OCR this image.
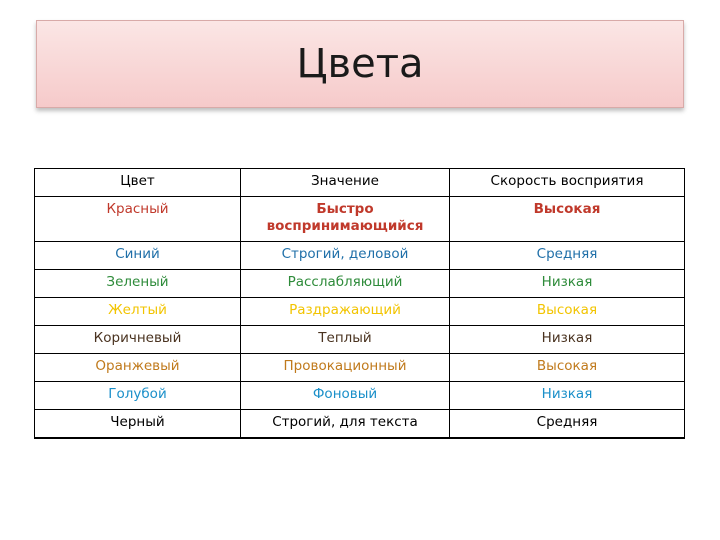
Цвета
Цвет	Значение	Скорость восприятия
Красный	Быстро воспринимающийся	Высокая
Синий	Строгий, деловой	Средняя
Зеленый	Расслабляющий	Низкая
Желтый	Раздражающий	Высокая
Коричневый	Теплый	Низкая
Оранжевый	Провокационный	Высокая
Голубой	Фоновый	Низкая
Черный	Строгий, для текста	Средняя
